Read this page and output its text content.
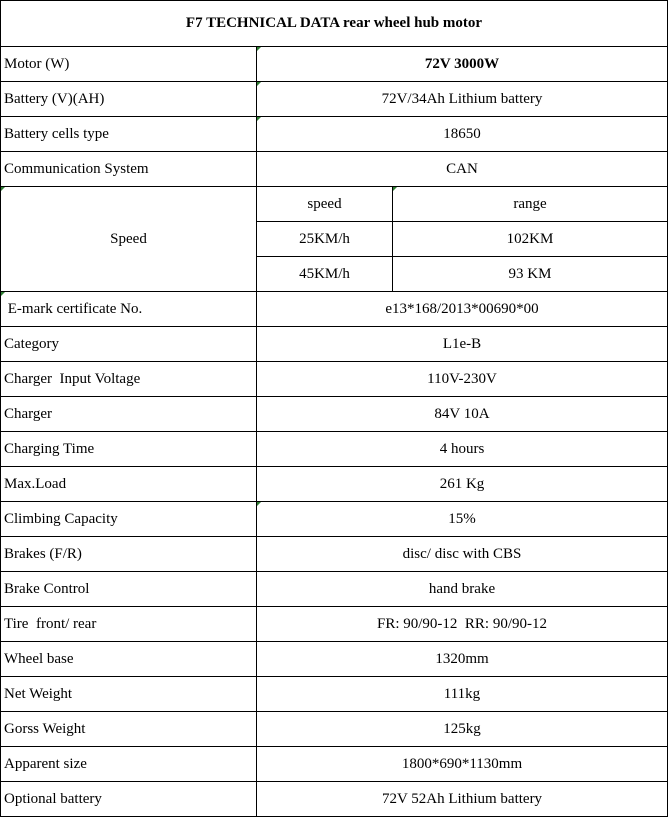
F7 TECHNICAL DATA rear wheel hub motor		
Motor (W)	72V 3000W	
Battery (V)(AH)	72V/34Ah Lithium battery	
Battery cells type	18650	
Communication System	CAN	

Speed	speed	range
	25KM/h	102KM
	45KM/h	93 KM

E-mark certificate No.	e13*168/2013*00690*00	
Category	L1e-B	
Charger  Input Voltage	110V-230V	
Charger	84V 10A	
Charging Time	4 hours	
Max.Load	261 Kg	
Climbing Capacity	15%	
Brakes (F/R)	disc/ disc with CBS	
Brake Control	hand brake	
Tire  front/ rear	FR: 90/90-12  RR: 90/90-12	
Wheel base	1320mm	
Net Weight	111kg	
Gorss Weight	125kg	
Apparent size	1800*690*1130mm	
Optional battery	72V 52Ah Lithium battery	
